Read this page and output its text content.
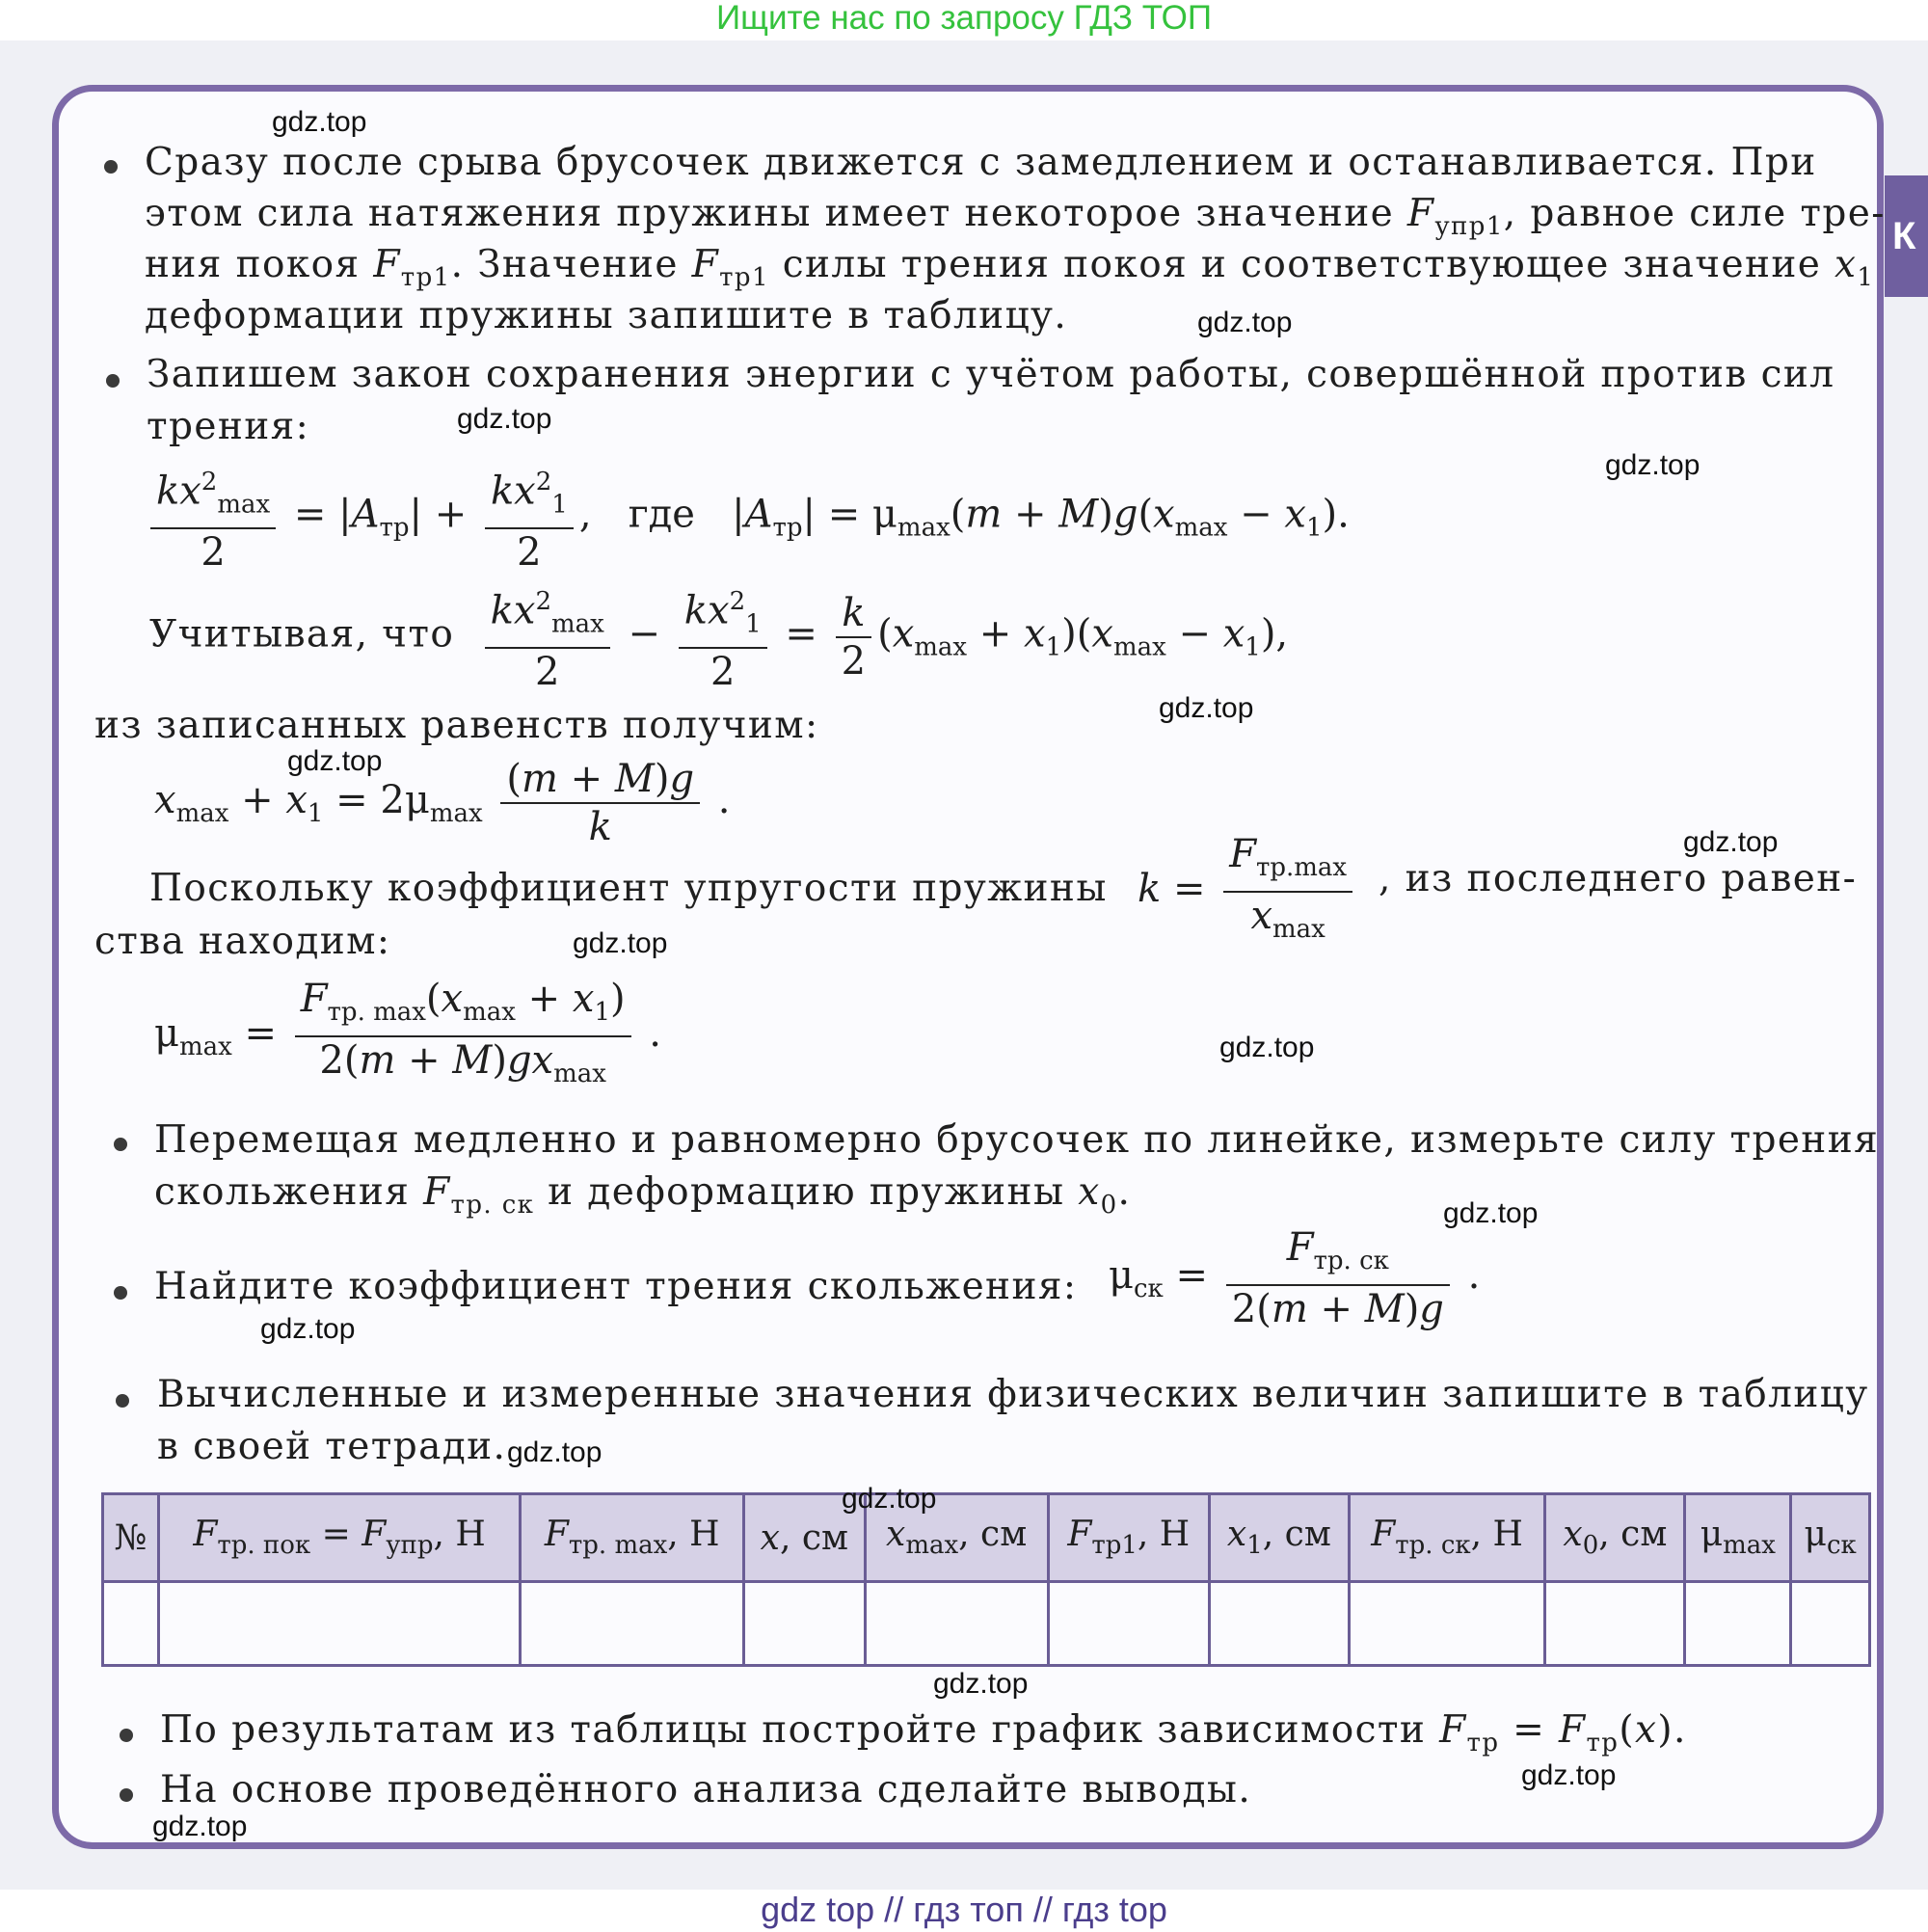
Ищите нас по запросу ГДЗ ТОП
К
Сразу после срыва брусочек движется с замедлением и останавливается. При
этом сила натяжения пружины имеет некоторое значение $F_{упр1}$, равное силе тре-
ния покоя $F_{тр1}$. Значение $F_{тр1}$ силы трения покоя и соответствующее значение $x_1$
деформации пружины запишите в таблицу.
Запишем закон сохранения энергии с учётом работы, совершённой против сил
трения:
$\frac{kx^2_{max}}{2} = |A_{тр}| + \frac{kx^2_1}{2}$ ,   где   $|A_{тр}| = \mu_{max}(m + M)g(x_{max} - x_1)$.
Учитывая, что $\frac{kx^2_{max}}{2} - \frac{kx^2_1}{2} = \frac{k}{2} (x_{max} + x_1)(x_{max} - x_1)$,
из записанных равенств получим:
$x_{max} + x_1 = 2\mu_{max} \frac{(m + M)g}{k}$ .
Поскольку коэффициент упругости пружины $k = \frac{F_{тр.max}}{x_{max}}$ , из последнего равен-
ства находим:
$\mu_{max} = \frac{F_{тр. max}(x_{max} + x_1)}{2(m + M)gx_{max}}$ .
Перемещая медленно и равномерно брусочек по линейке, измерьте силу трения
скольжения $F_{тр. ск}$ и деформацию пружины $x_0$.
Найдите коэффициент трения скольжения: $\mu_{ск} = \frac{F_{тр. ск}}{2(m + M)g}$ .
Вычисленные и измеренные значения физических величин запишите в таблицу
в своей тетради.
№	$F_{тр. пок} = F_{упр}$, Н	$F_{тр. max}$, Н	x, см	$x_{max}$, см	$F_{тр1}$, Н	$x_1$, см	$F_{тр. ск}$, Н	$x_0$, см	$\mu_{max}$	$\mu_{ск}$

По результатам из таблицы постройте график зависимости $F_{тр} = F_{тр}(x)$.
На основе проведённого анализа сделайте выводы.
gdz.top
gdz.top
gdz.top
gdz.top
gdz.top
gdz.top
gdz.top
gdz.top
gdz.top
gdz.top
gdz.top
gdz.top
gdz.top
gdz.top
gdz.top
gdz.top
gdz top // гдз топ // гдз top
